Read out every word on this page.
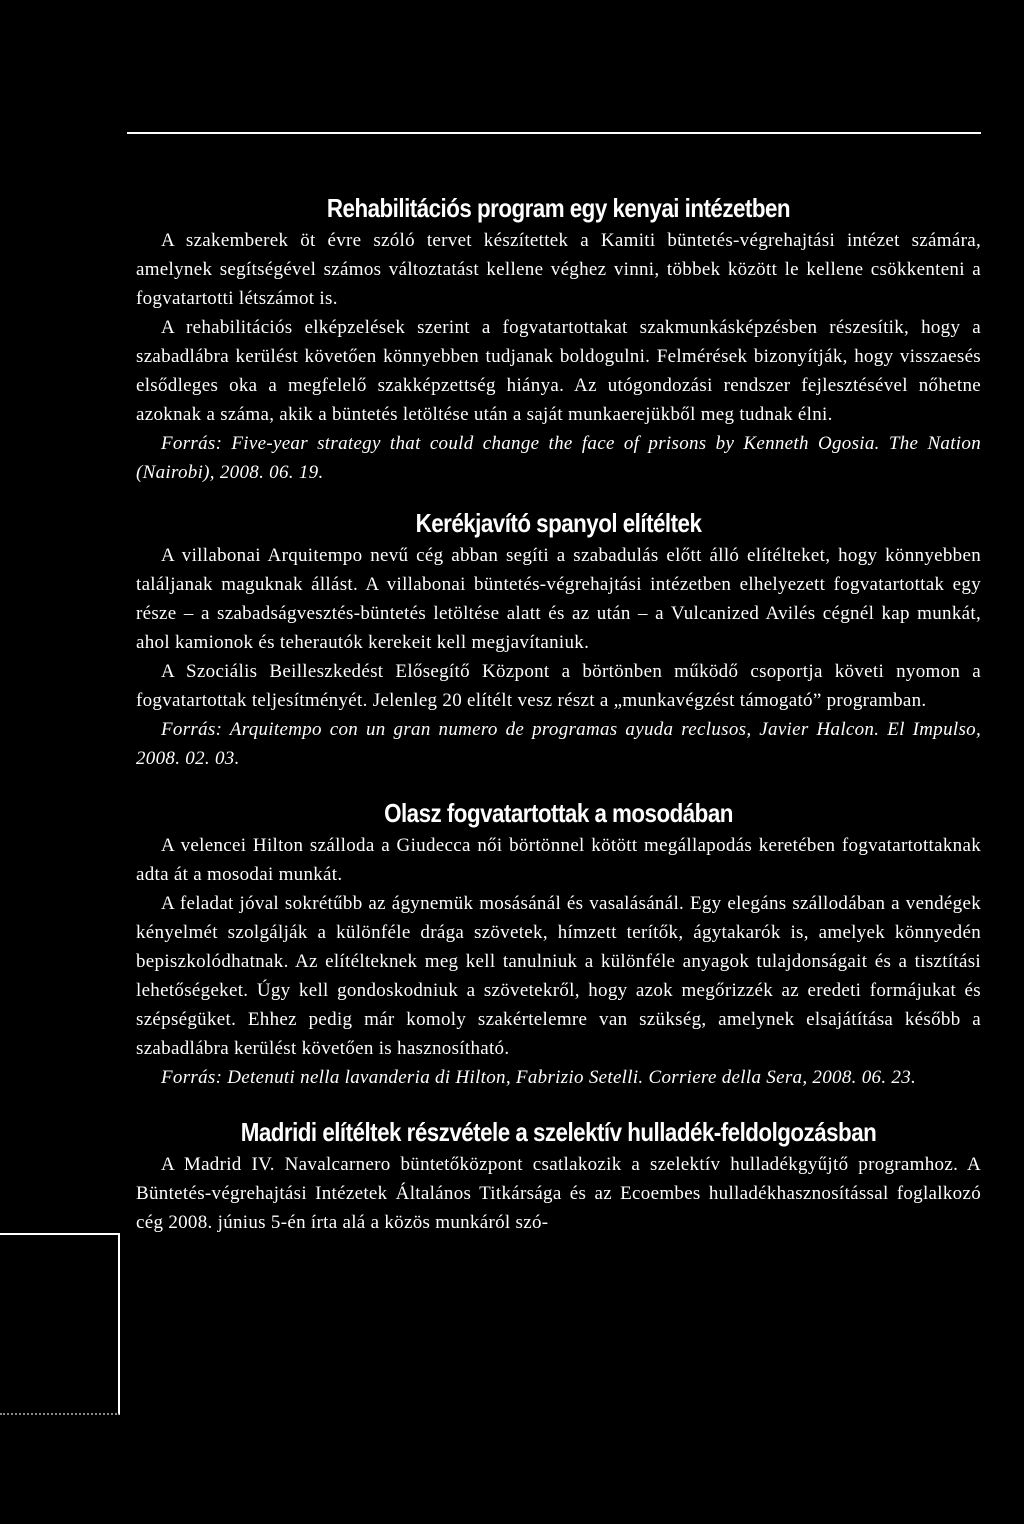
Rehabilitációs program egy kenyai intézetben

A szakemberek öt évre szóló tervet készítettek a Kamiti büntetés-végrehajtási intézet számára, amelynek segítségével számos változtatást kellene véghez vinni, többek között le kellene csökkenteni a fogvatartotti létszámot is.

A rehabilitációs elképzelések szerint a fogvatartottakat szakmunkásképzésben részesítik, hogy a szabadlábra kerülést követően könnyebben tudjanak boldogulni. Felmérések bizonyítják, hogy visszaesés elsődleges oka a megfelelő szakképzettség hiánya. Az utógondozási rendszer fejlesztésével nőhetne azoknak a száma, akik a büntetés letöltése után a saját munkaerejükből meg tudnak élni.

Forrás: Five-year strategy that could change the face of prisons by Kenneth Ogosia. The Nation (Nairobi), 2008. 06. 19.

Kerékjavító spanyol elítéltek

A villabonai Arquitempo nevű cég abban segíti a szabadulás előtt álló elítélteket, hogy könnyebben találjanak maguknak állást. A villabonai büntetés-végrehajtási intézetben elhelyezett fogvatartottak egy része – a szabadságvesztés-büntetés letöltése alatt és az után – a Vulcanized Avilés cégnél kap munkát, ahol kamionok és teherautók kerekeit kell megjavítaniuk.

A Szociális Beilleszkedést Elősegítő Központ a börtönben működő csoportja követi nyomon a fogvatartottak teljesítményét. Jelenleg 20 elítélt vesz részt a „munkavégzést támogató” programban.

Forrás: Arquitempo con un gran numero de programas ayuda reclusos, Javier Halcon. El Impulso, 2008. 02. 03.

Olasz fogvatartottak a mosodában

A velencei Hilton szálloda a Giudecca női börtönnel kötött megállapodás keretében fogvatartottaknak adta át a mosodai munkát.

A feladat jóval sokrétűbb az ágynemük mosásánál és vasalásánál. Egy elegáns szállodában a vendégek kényelmét szolgálják a különféle drága szövetek, hímzett terítők, ágytakarók is, amelyek könnyedén bepiszkolódhatnak. Az elítélteknek meg kell tanulniuk a különféle anyagok tulajdonságait és a tisztítási lehetőségeket. Úgy kell gondoskodniuk a szövetekről, hogy azok megőrizzék az eredeti formájukat és szépségüket. Ehhez pedig már komoly szakértelemre van szükség, amelynek elsajátítása később a szabadlábra kerülést követően is hasznosítható.

Forrás: Detenuti nella lavanderia di Hilton, Fabrizio Setelli. Corriere della Sera, 2008. 06. 23.

Madridi elítéltek részvétele a szelektív hulladék-feldolgozásban

A Madrid IV. Navalcarnero büntetőközpont csatlakozik a szelektív hulladékgyűjtő programhoz. A Büntetés-végrehajtási Intézetek Általános Titkársága és az Ecoembes hulladékhasznosítással foglalkozó cég 2008. június 5-én írta alá a közös munkáról szó-
